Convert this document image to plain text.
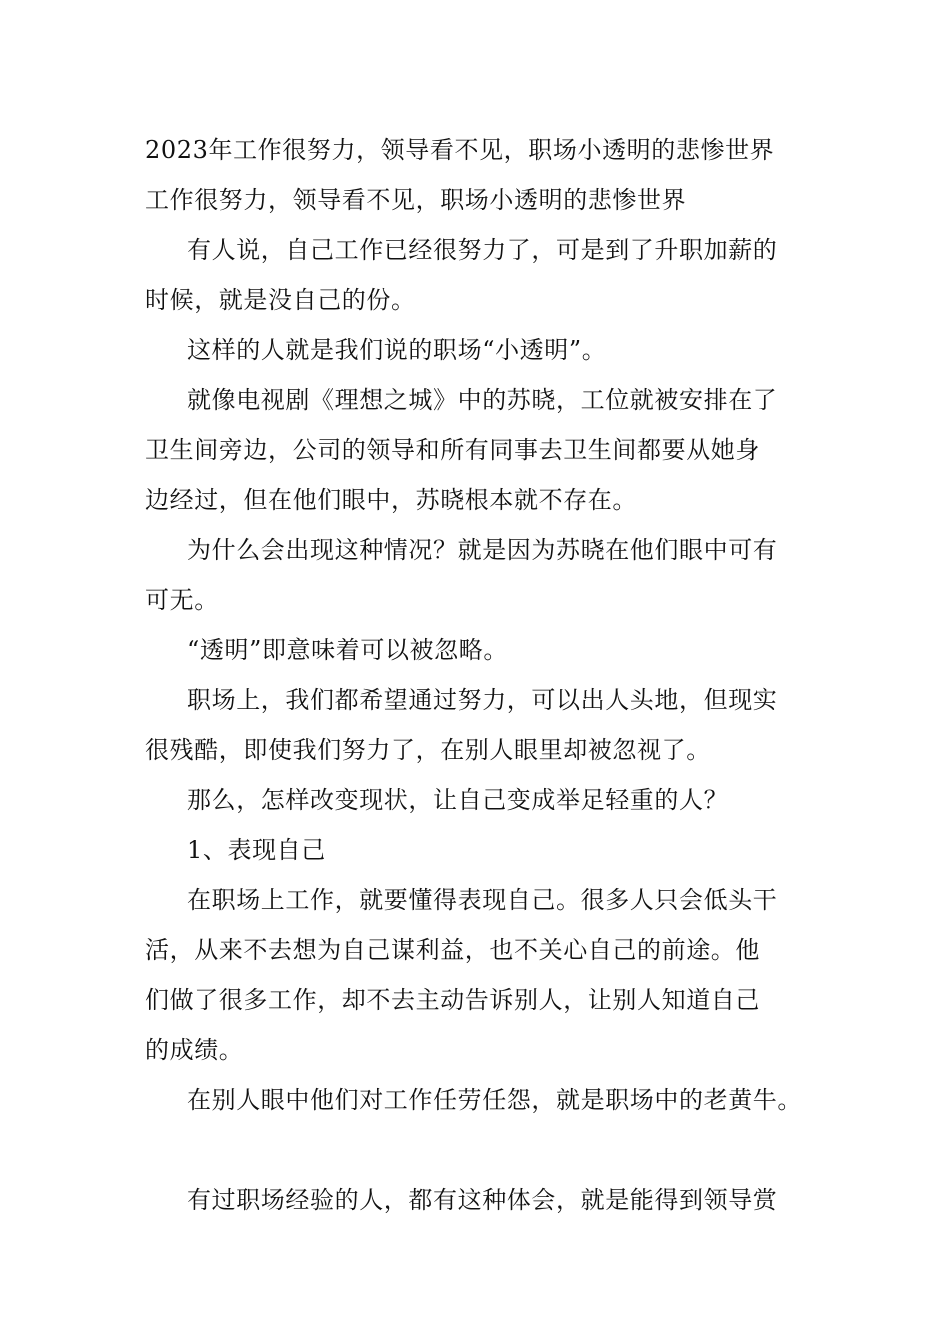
2023年工作很努力，领导看不见，职场小透明的悲惨世界
工作很努力，领导看不见，职场小透明的悲惨世界
有人说，自己工作已经很努力了，可是到了升职加薪的
时候，就是没自己的份。
这样的人就是我们说的职场“小透明”。
就像电视剧《理想之城》中的苏晓，工位就被安排在了
卫生间旁边，公司的领导和所有同事去卫生间都要从她身
边经过，但在他们眼中，苏晓根本就不存在。
为什么会出现这种情况？就是因为苏晓在他们眼中可有
可无。
“透明”即意味着可以被忽略。
职场上，我们都希望通过努力，可以出人头地，但现实
很残酷，即使我们努力了，在别人眼里却被忽视了。
那么，怎样改变现状，让自己变成举足轻重的人？
1、表现自己
在职场上工作，就要懂得表现自己。很多人只会低头干
活，从来不去想为自己谋利益，也不关心自己的前途。他
们做了很多工作，却不去主动告诉别人，让别人知道自己
的成绩。
在别人眼中他们对工作任劳任怨，就是职场中的老黄牛。
有过职场经验的人，都有这种体会，就是能得到领导赏
